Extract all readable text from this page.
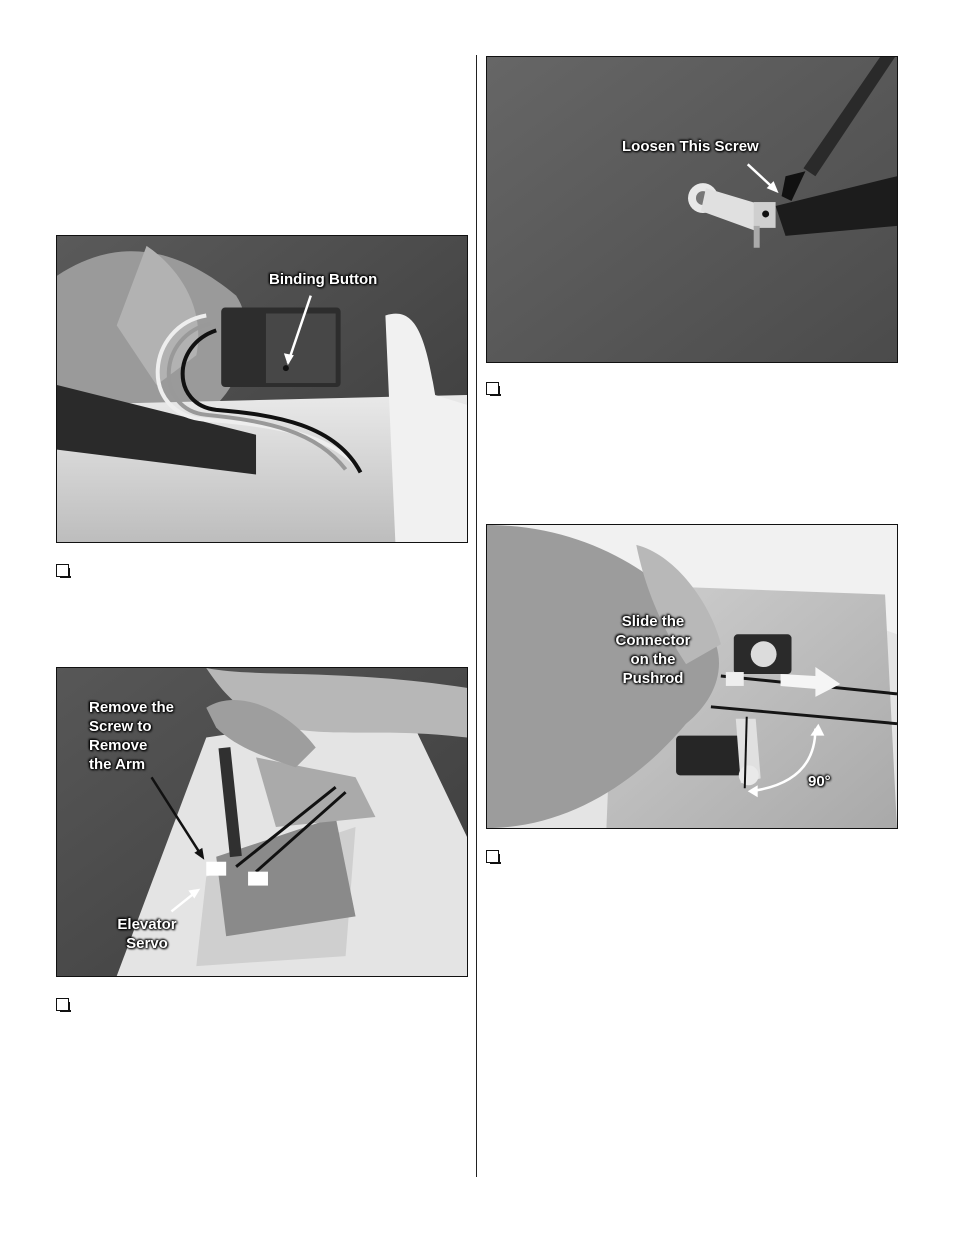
Binding Button
Remove the
Screw to
Remove
the Arm
Elevator
Servo
Loosen This Screw
Slide the
Connector
on the
Pushrod
90°
